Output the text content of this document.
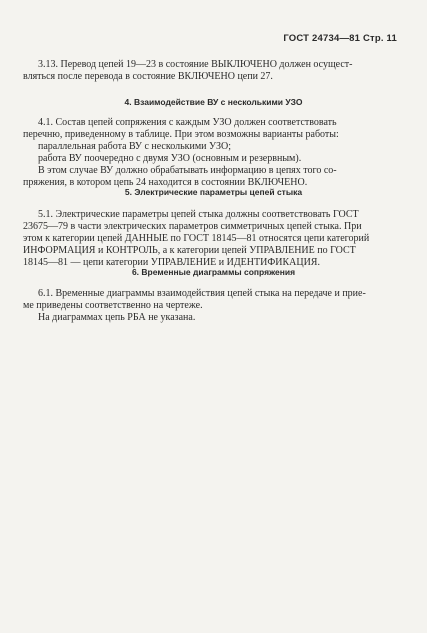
ГОСТ 24734—81 Стр. 11
3.13. Перевод цепей 19—23 в состояние ВЫКЛЮЧЕНО должен осущест-
вляться после перевода в состояние ВКЛЮЧЕНО цепи 27.
4. Взаимодействие ВУ с несколькими УЗО
4.1. Состав цепей сопряжения с каждым УЗО должен соответствовать
перечню, приведенному в таблице. При этом возможны варианты работы:
параллельная работа ВУ с несколькими УЗО;
работа ВУ поочередно с двумя УЗО (основным и резервным).
В этом случае ВУ должно обрабатывать информацию в цепях того со-
пряжения, в котором цепь 24 находится в состоянии ВКЛЮЧЕНО.
5. Электрические параметры цепей стыка
5.1. Электрические параметры цепей стыка должны соответствовать ГОСТ
23675—79 в части электрических параметров симметричных цепей стыка. При
этом к категории цепей ДАННЫЕ по ГОСТ 18145—81 относятся цепи категорий
ИНФОРМАЦИЯ и КОНТРОЛЬ, а к категории цепей УПРАВЛЕНИЕ по ГОСТ
18145—81 — цепи категории УПРАВЛЕНИЕ и ИДЕНТИФИКАЦИЯ.
6. Временные диаграммы сопряжения
6.1. Временные диаграммы взаимодействия цепей стыка на передаче и прие-
ме приведены соответственно на чертеже.
На диаграммах цепь РБА не указана.
